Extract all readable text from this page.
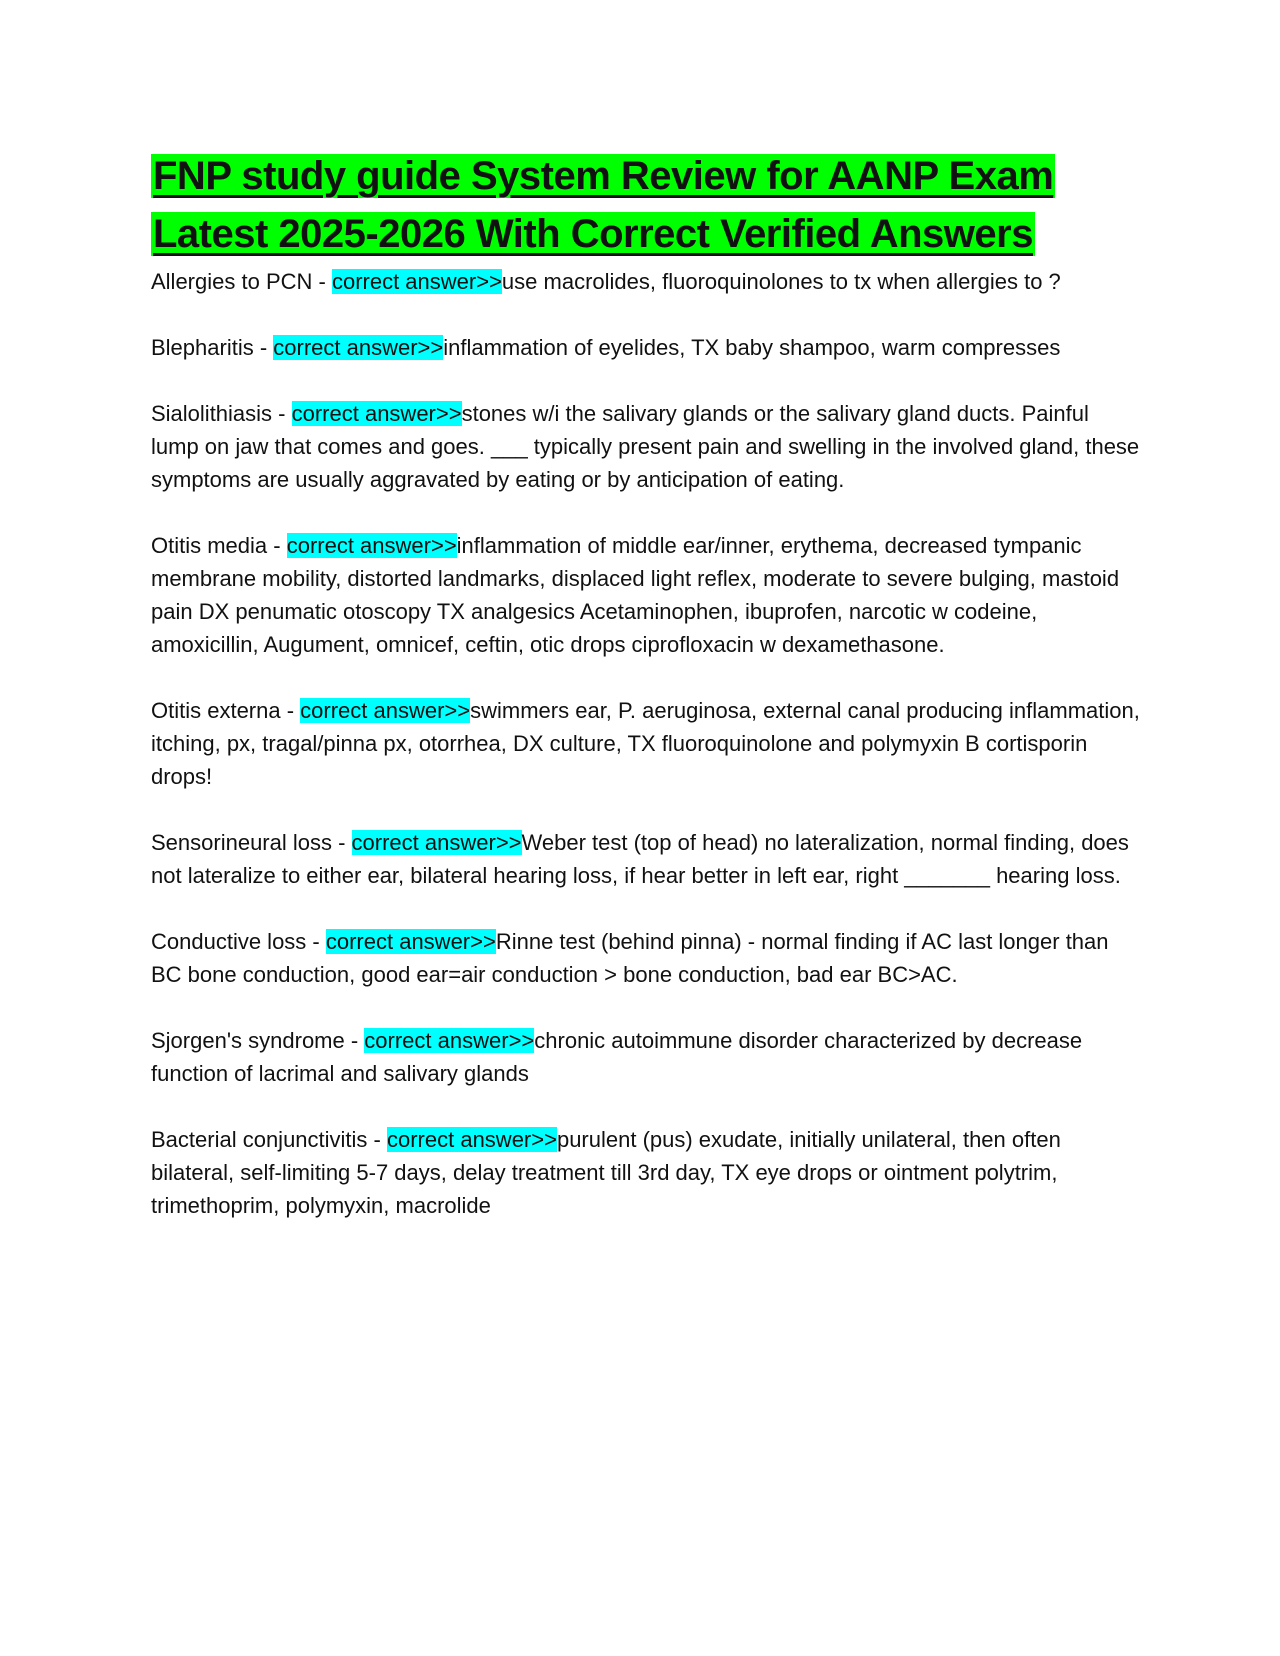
FNP study guide System Review for AANP Exam
Latest 2025-2026 With Correct Verified Answers

Allergies to PCN - correct answer>>use macrolides, fluoroquinolones to tx when allergies to ?

Blepharitis - correct answer>>inflammation of eyelides, TX baby shampoo, warm compresses

Sialolithiasis - correct answer>>stones w/i the salivary glands or the salivary gland ducts. Painful lump on jaw that comes and goes. ___ typically present pain and swelling in the involved gland, these symptoms are usually aggravated by eating or by anticipation of eating.

Otitis media - correct answer>>inflammation of middle ear/inner, erythema, decreased tympanic membrane mobility, distorted landmarks, displaced light reflex, moderate to severe bulging, mastoid pain DX penumatic otoscopy TX analgesics Acetaminophen, ibuprofen, narcotic w codeine, amoxicillin, Augument, omnicef, ceftin, otic drops ciprofloxacin w dexamethasone.

Otitis externa - correct answer>>swimmers ear, P. aeruginosa, external canal producing inflammation, itching, px, tragal/pinna px, otorrhea, DX culture, TX fluoroquinolone and polymyxin B cortisporin drops!

Sensorineural loss - correct answer>>Weber test (top of head) no lateralization, normal finding, does not lateralize to either ear, bilateral hearing loss, if hear better in left ear, right _______ hearing loss.

Conductive loss - correct answer>>Rinne test (behind pinna) - normal finding if AC last longer than BC bone conduction, good ear=air conduction > bone conduction, bad ear BC>AC.

Sjorgen's syndrome - correct answer>>chronic autoimmune disorder characterized by decrease function of lacrimal and salivary glands

Bacterial conjunctivitis - correct answer>>purulent (pus) exudate, initially unilateral, then often bilateral, self-limiting 5-7 days, delay treatment till 3rd day, TX eye drops or ointment polytrim, trimethoprim, polymyxin, macrolide
